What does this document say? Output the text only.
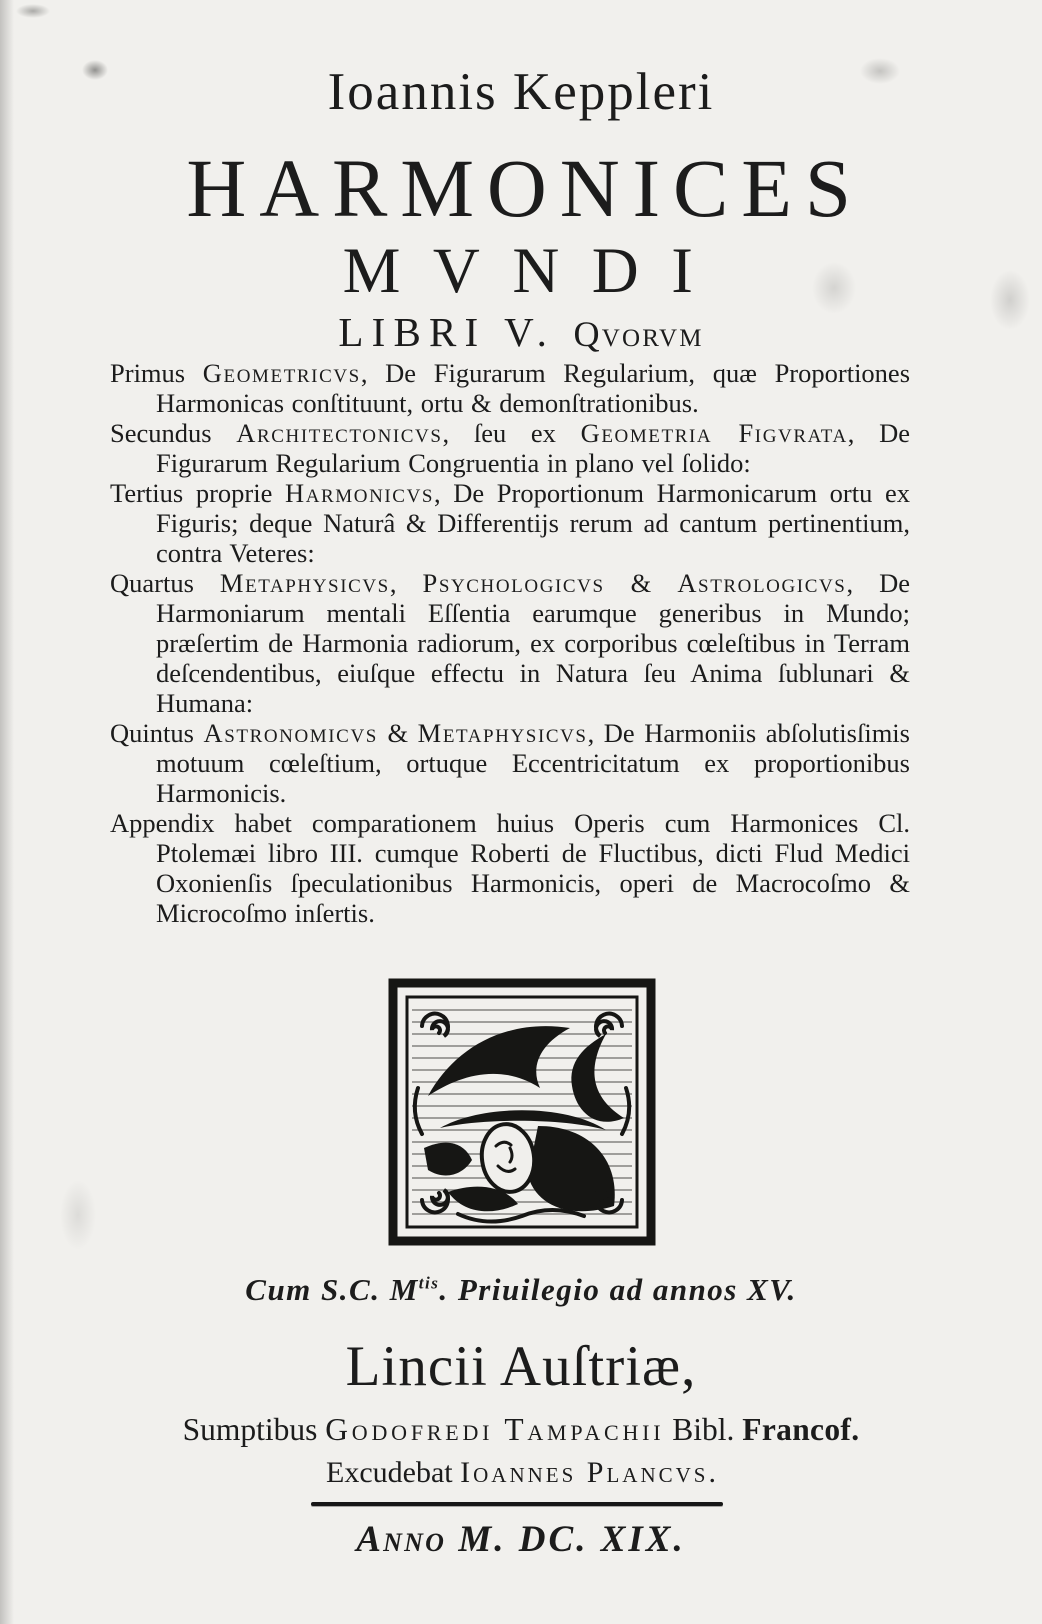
Ioannis Keppleri
HARMONICES
MVNDI
LIBRI V. Qvorvm

Primus Geometricvs, De Figurarum Regularium, quæ Proportiones Harmonicas conſtituunt, ortu & demonſtrationibus.

Secundus Architectonicvs, ſeu ex Geometria Figvrata, De Figurarum Regularium Congruentia in plano vel ſolido:

Tertius proprie Harmonicvs, De Proportionum Harmonicarum ortu ex Figuris; deque Naturâ & Differentijs rerum ad cantum pertinentium, contra Veteres:

Quartus Metaphysicvs, Psychologicvs & Astrologicvs, De Harmoniarum mentali Eſſentia earumque generibus in Mundo; præſertim de Harmonia radiorum, ex corporibus cœleſtibus in Terram deſcendentibus, eiuſque effectu in Natura ſeu Anima ſublunari & Humana:

Quintus Astronomicvs & Metaphysicvs, De Harmoniis abſolutisſimis motuum cœleſtium, ortuque Eccentricitatum ex proportionibus Harmonicis.

Appendix habet comparationem huius Operis cum Harmonices Cl. Ptolemæi libro III. cumque Roberti de Fluctibus, dicti Flud Medici Oxonienſis ſpeculationibus Harmonicis, operi de Macrocoſmo & Microcoſmo inſertis.

Cum S.C. $M^{tis}$. Priuilegio ad annos XV.
Lincii Auſtriæ,
Sumptibus Godofredi Tampachii Bibl. Francof.
Excudebat Ioannes Plancvs.
Anno M. DC. XIX.
